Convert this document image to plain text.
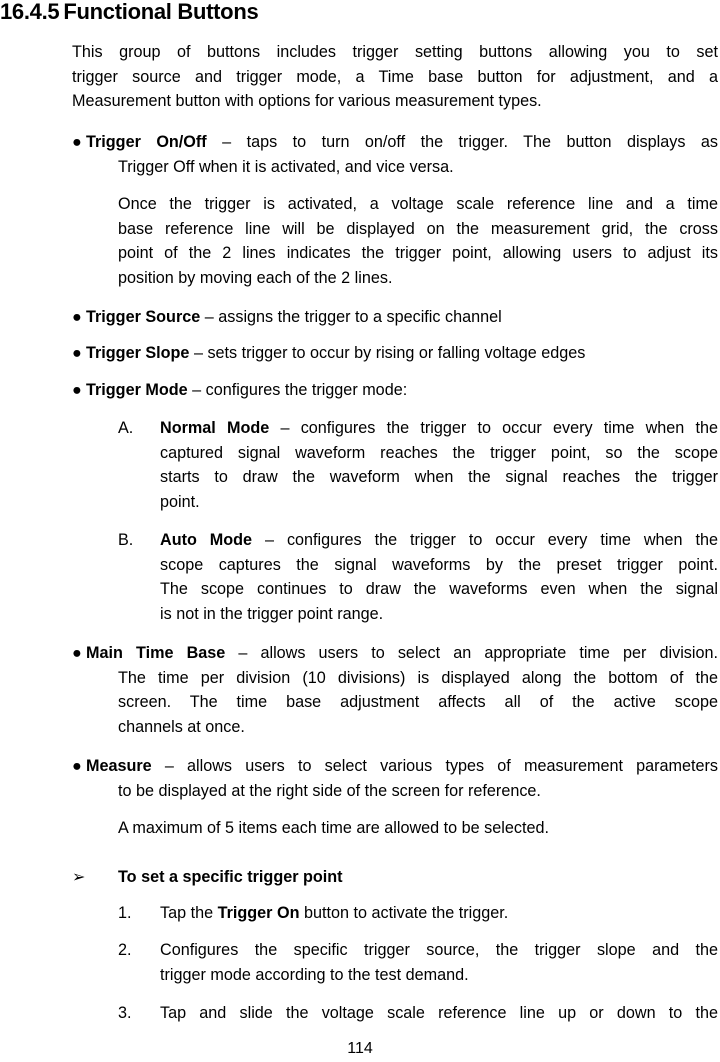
16.4.5 Functional Buttons
This group of buttons includes trigger setting buttons allowing you to set
trigger source and trigger mode, a Time base button for adjustment, and a
Measurement button with options for various measurement types.
● Trigger On/Off – taps to turn on/off the trigger. The button displays as
Trigger Off when it is activated, and vice versa.
Once the trigger is activated, a voltage scale reference line and a time
base reference line will be displayed on the measurement grid, the cross
point of the 2 lines indicates the trigger point, allowing users to adjust its
position by moving each of the 2 lines.
● Trigger Source – assigns the trigger to a specific channel
● Trigger Slope – sets trigger to occur by rising or falling voltage edges
● Trigger Mode – configures the trigger mode:
A. Normal Mode – configures the trigger to occur every time when the
captured signal waveform reaches the trigger point, so the scope
starts to draw the waveform when the signal reaches the trigger
point.
B. Auto Mode – configures the trigger to occur every time when the
scope captures the signal waveforms by the preset trigger point.
The scope continues to draw the waveforms even when the signal
is not in the trigger point range.
● Main Time Base – allows users to select an appropriate time per division.
The time per division (10 divisions) is displayed along the bottom of the
screen. The time base adjustment affects all of the active scope
channels at once.
● Measure – allows users to select various types of measurement parameters
to be displayed at the right side of the screen for reference.
A maximum of 5 items each time are allowed to be selected.
➢ To set a specific trigger point
1. Tap the Trigger On button to activate the trigger.
2. Configures the specific trigger source, the trigger slope and the
trigger mode according to the test demand.
3. Tap and slide the voltage scale reference line up or down to the
114
